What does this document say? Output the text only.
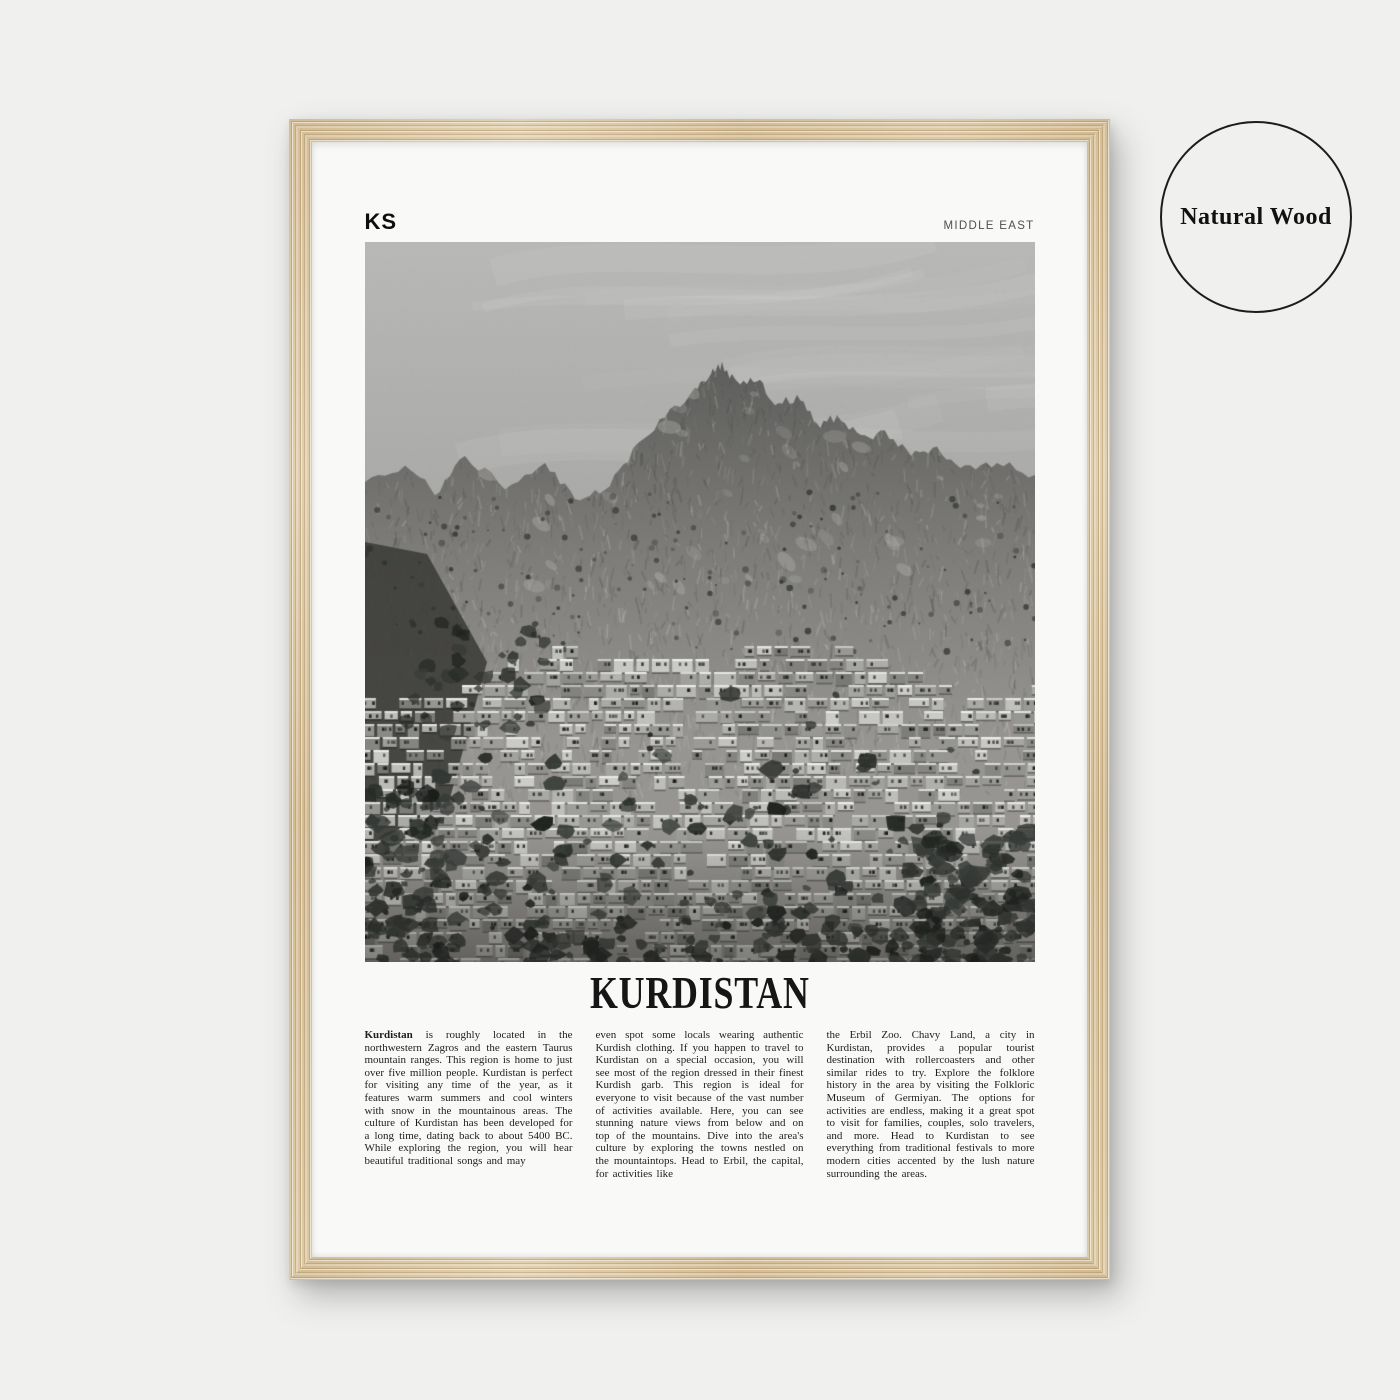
Natural Wood
KS	MIDDLE EAST
KURDISTAN

Kurdistan is roughly located in the northwestern Zagros and the eastern Taurus mountain ranges. This region is home to just over five million people. Kurdistan is perfect for visiting any time of the year, as it features warm summers and cool winters with snow in the mountainous areas. The culture of Kurdistan has been developed for a long time, dating back to about 5400 BC. While exploring the region, you will hear beautiful traditional songs and may

even spot some locals wearing authentic Kurdish clothing. If you happen to travel to Kurdistan on a special occasion, you will see most of the region dressed in their finest Kurdish garb. This region is ideal for everyone to visit because of the vast number of activities available. Here, you can see stunning nature views from below and on top of the mountains. Dive into the area's culture by exploring the towns nestled on the mountaintops. Head to Erbil, the capital, for activities like

the Erbil Zoo. Chavy Land, a city in Kurdistan, provides a popular tourist destination with rollercoasters and other similar rides to try. Explore the folklore history in the area by visiting the Folkloric Museum of Germiyan. The options for activities are endless, making it a great spot to visit for families, couples, solo travelers, and more. Head to Kurdistan to see everything from traditional festivals to more modern cities accented by the lush nature surrounding the areas.
